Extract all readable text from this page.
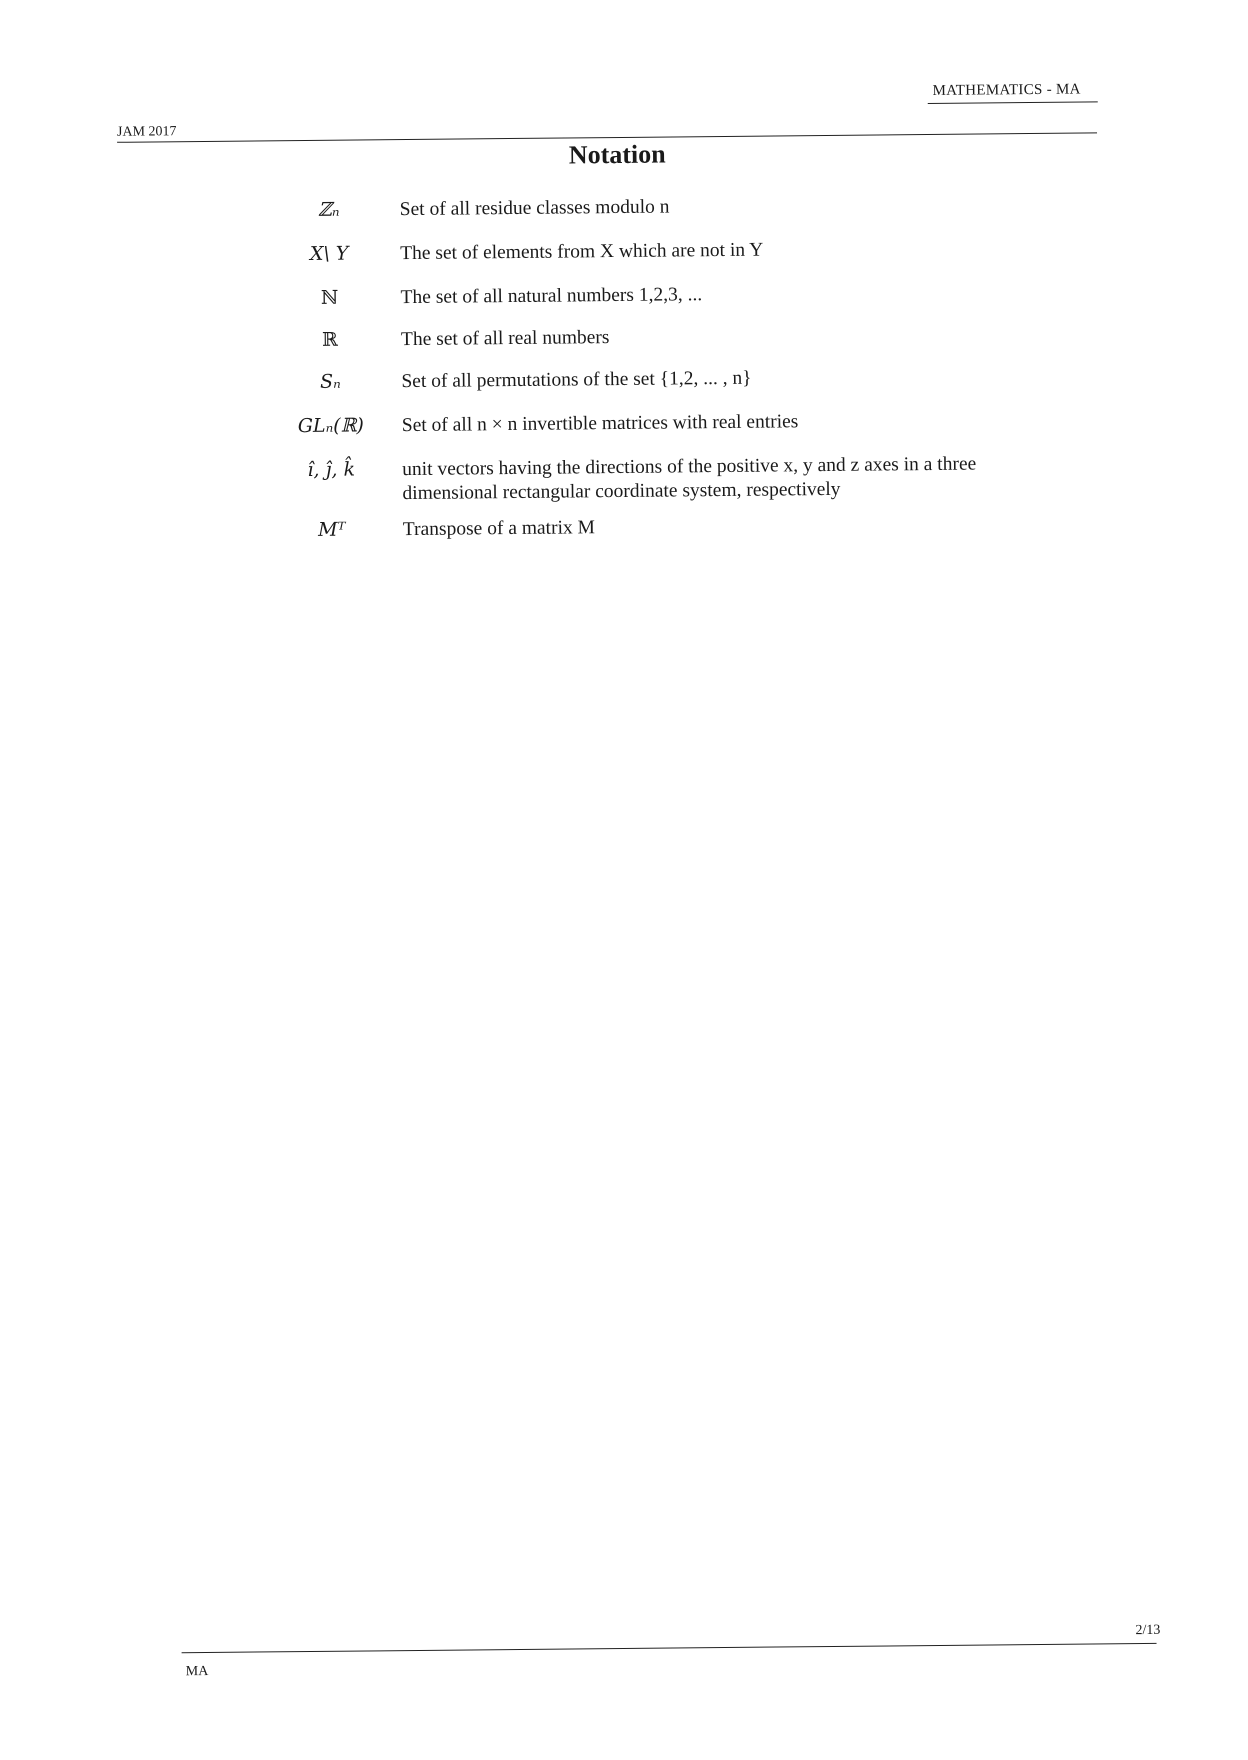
MATHEMATICS - MA
JAM 2017
Notation
ℤₙ	Set of all residue classes modulo n
X\ Y	The set of elements from X which are not in Y
ℕ	The set of all natural numbers 1,2,3, ...
ℝ	The set of all real numbers
Sₙ	Set of all permutations of the set {1,2, ... , n}
GLₙ(ℝ)	Set of all n × n invertible matrices with real entries
î, ĵ, k̂	unit vectors having the directions of the positive x, y and z axes in a three dimensional rectangular coordinate system, respectively
Mᵀ	Transpose of a matrix M
2/13
MA
